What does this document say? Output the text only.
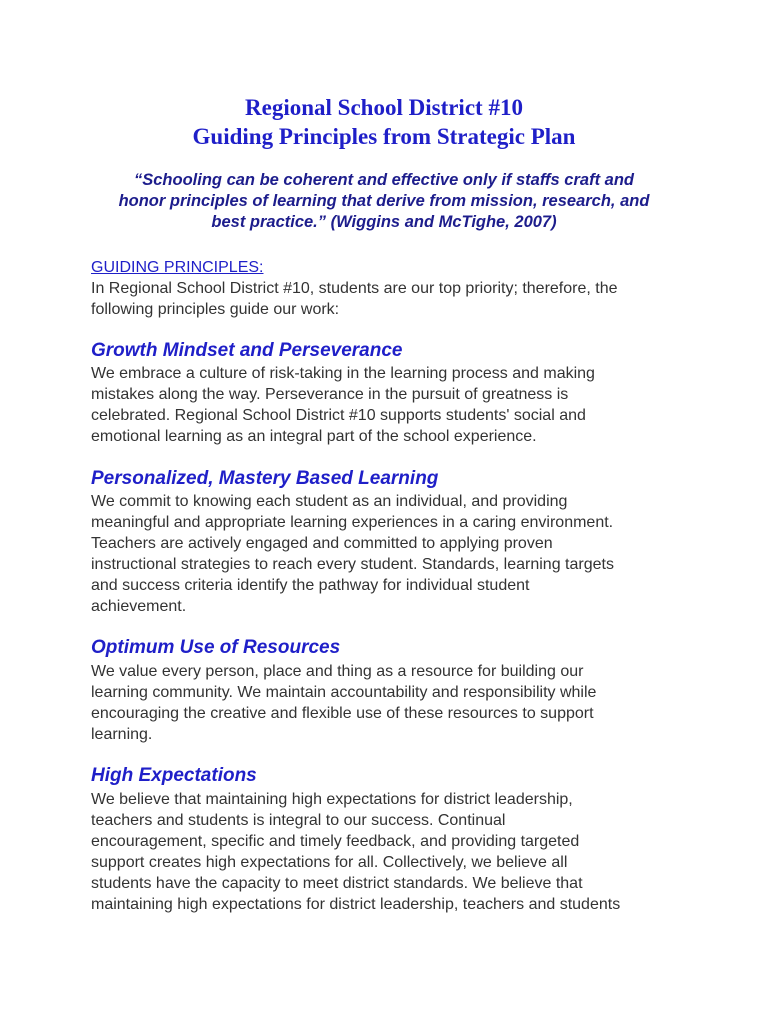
Regional School District #10
Guiding Principles from Strategic Plan
“Schooling can be coherent and effective only if staffs craft and
honor principles of learning that derive from mission, research, and
best practice.” (Wiggins and McTighe, 2007)
GUIDING PRINCIPLES:
In Regional School District #10, students are our top priority; therefore, the
following principles guide our work:
Growth Mindset and Perseverance
We embrace a culture of risk-taking in the learning process and making
mistakes along the way. Perseverance in the pursuit of greatness is
celebrated. Regional School District #10 supports students' social and
emotional learning as an integral part of the school experience.
Personalized, Mastery Based Learning
We commit to knowing each student as an individual, and providing
meaningful and appropriate learning experiences in a caring environment.
Teachers are actively engaged and committed to applying proven
instructional strategies to reach every student. Standards, learning targets
and success criteria identify the pathway for individual student
achievement.
Optimum Use of Resources
We value every person, place and thing as a resource for building our
learning community. We maintain accountability and responsibility while
encouraging the creative and flexible use of these resources to support
learning.
High Expectations
We believe that maintaining high expectations for district leadership,
teachers and students is integral to our success. Continual
encouragement, specific and timely feedback, and providing targeted
support creates high expectations for all. Collectively, we believe all
students have the capacity to meet district standards. We believe that
maintaining high expectations for district leadership, teachers and students
